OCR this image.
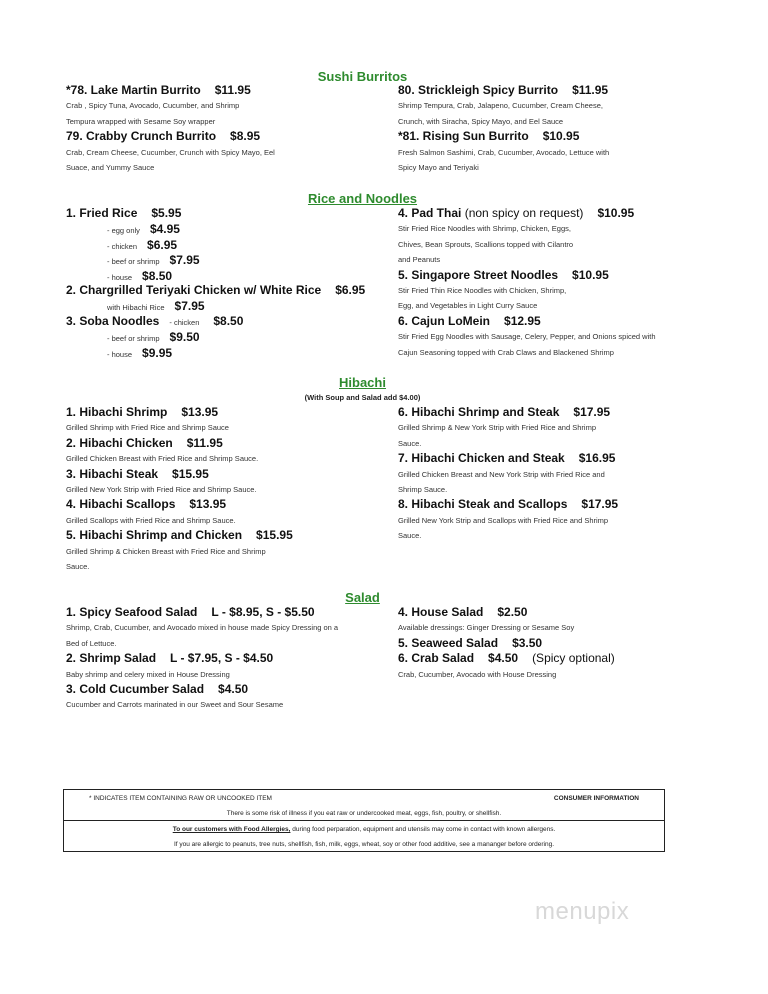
Sushi Burritos
*78. Lake Martin Burrito $11.95
Crab , Spicy Tuna, Avocado, Cucumber, and Shrimp
Tempura wrapped with Sesame Soy wrapper
79. Crabby Crunch Burrito $8.95
Crab, Cream Cheese, Cucumber, Crunch with Spicy Mayo, Eel
Suace, and Yummy Sauce
80. Strickleigh Spicy Burrito $11.95
Shrimp Tempura, Crab, Jalapeno, Cucumber, Cream Cheese,
Crunch, with Siracha, Spicy Mayo, and Eel Sauce
*81. Rising Sun Burrito $10.95
Fresh Salmon Sashimi, Crab, Cucumber, Avocado, Lettuce with
Spicy Mayo and Teriyaki
Rice and Noodles
1. Fried Rice $5.95
- egg only $4.95
- chicken $6.95
- beef or shrimp $7.95
- house $8.50
2. Chargrilled Teriyaki Chicken w/ White Rice $6.95
with Hibachi Rice $7.95
3. Soba Noodles - chicken $8.50
- beef or shrimp $9.50
- house $9.95
4. Pad Thai (non spicy on request) $10.95
Stir Fried Rice Noodles with Shrimp, Chicken, Eggs,
Chives, Bean Sprouts, Scallions topped with Cilantro
and Peanuts
5. Singapore Street Noodles $10.95
Stir Fried Thin Rice Noodles with Chicken, Shrimp,
Egg, and Vegetables in Light Curry Sauce
6. Cajun LoMein $12.95
Stir Fried Egg Noodles with Sausage, Celery, Pepper, and Onions spiced with
Cajun Seasoning topped with Crab Claws and Blackened Shrimp
Hibachi
(With Soup and Salad add $4.00)
1. Hibachi Shrimp $13.95
Grilled Shrimp with Fried Rice and Shrimp Sauce
2. Hibachi Chicken $11.95
Grilled Chicken Breast with Fried Rice and Shrimp Sauce.
3. Hibachi Steak $15.95
Grilled New York Strip with Fried Rice and Shrimp Sauce.
4. Hibachi Scallops $13.95
Grilled Scallops with Fried Rice and Shrimp Sauce.
5. Hibachi Shrimp and Chicken $15.95
Grilled Shrimp & Chicken Breast with Fried Rice and Shrimp
Sauce.
6. Hibachi Shrimp and Steak $17.95
Grilled Shrimp & New York Strip with Fried Rice and Shrimp
Sauce.
7. Hibachi Chicken and Steak $16.95
Grilled Chicken Breast and New York Strip with Fried Rice and
Shrimp Sauce.
8. Hibachi Steak and Scallops $17.95
Grilled New York Strip and Scallops with Fried Rice and Shrimp
Sauce.
Salad
1. Spicy Seafood Salad L - $8.95, S - $5.50
Shrimp, Crab, Cucumber, and Avocado mixed in house made Spicy Dressing on a
Bed of Lettuce.
2. Shrimp Salad L - $7.95, S - $4.50
Baby shrimp and celery mixed in House Dressing
3. Cold Cucumber Salad $4.50
Cucumber and Carrots marinated in our Sweet and Sour Sesame
4. House Salad $2.50
Available dressings: Ginger Dressing or Sesame Soy
5. Seaweed Salad $3.50
6. Crab Salad $4.50 (Spicy optional)
Crab, Cucumber, Avocado with House Dressing
* INDICATES ITEM CONTAINING RAW OR UNCOOKED ITEM	CONSUMER INFORMATION
There is some risk of illness if you eat raw or undercooked meat, eggs, fish, poultry, or shellfish.
To our customers with Food Allergies, during food perparation, equipment and utensils may come in contact with known allergens.
If you are allergic to peanuts, tree nuts, shellfish, fish, milk, eggs, wheat, soy or other food additive, see a mananger before ordering.
menupix
